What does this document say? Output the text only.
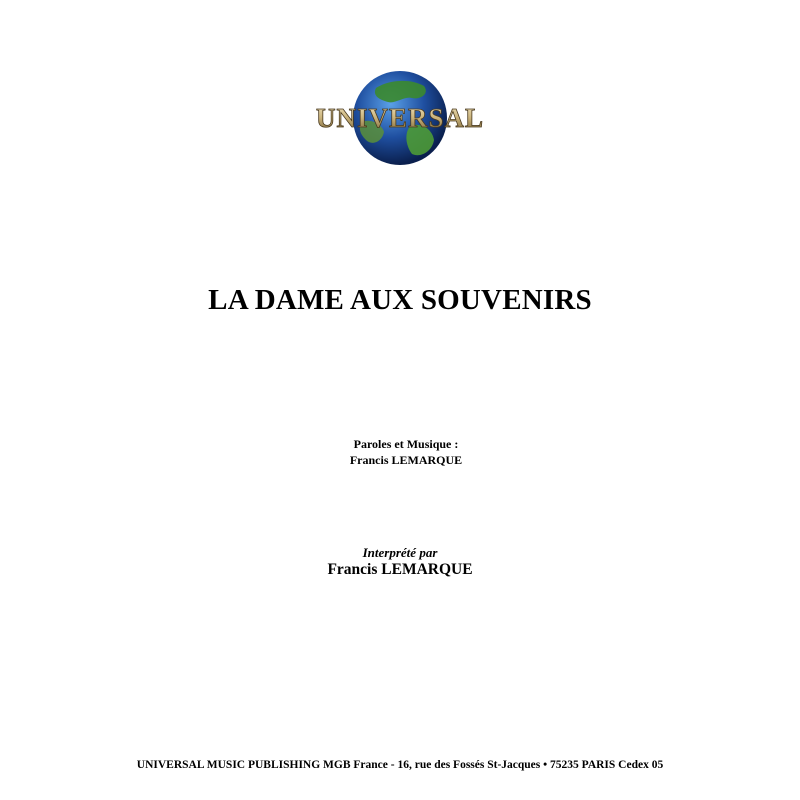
UNIVERSAL
LA DAME AUX SOUVENIRS
Paroles et Musique :
Francis LEMARQUE
Interprété par
Francis LEMARQUE
UNIVERSAL MUSIC PUBLISHING MGB France - 16, rue des Fossés St-Jacques • 75235 PARIS Cedex 05
